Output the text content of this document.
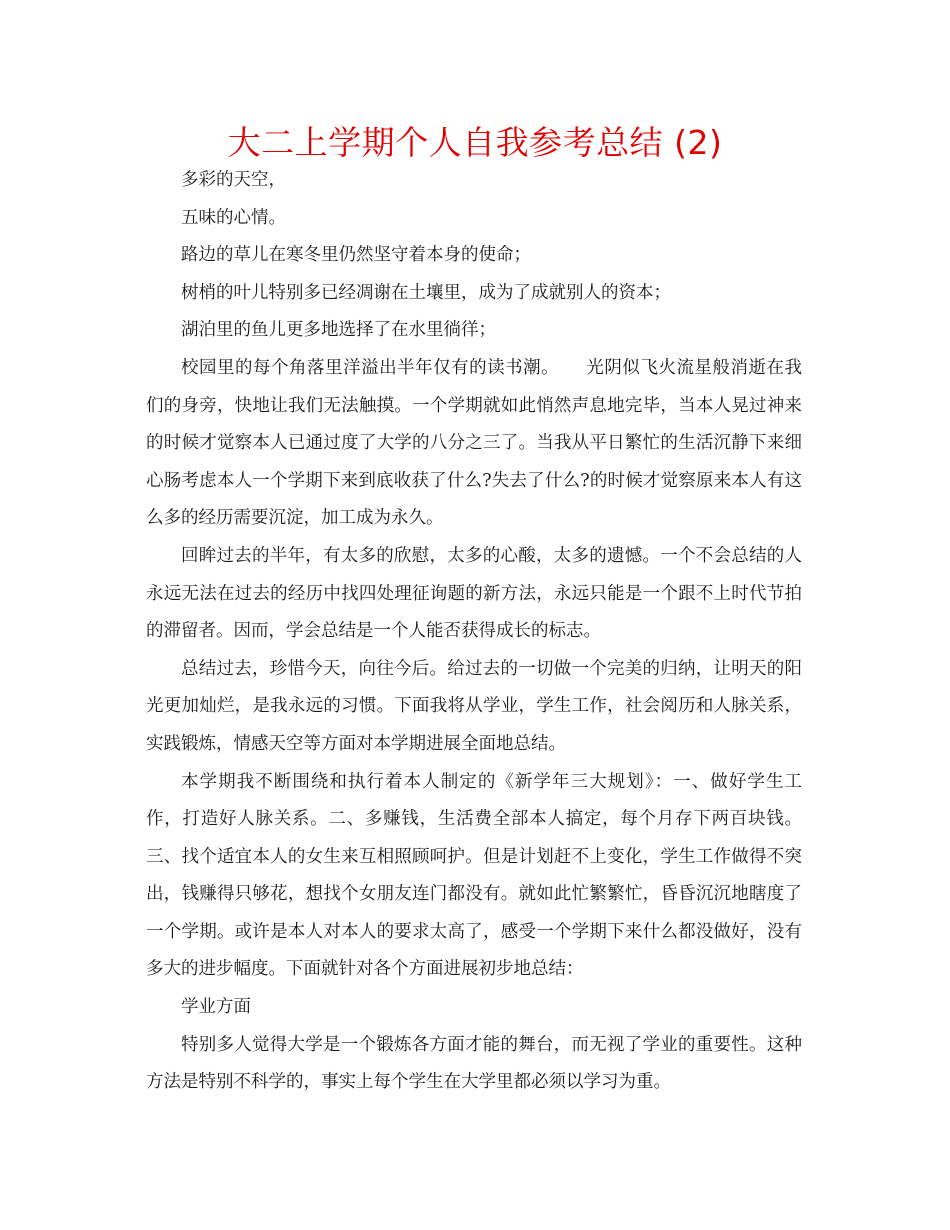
大二上学期个人自我参考总结 (2)

多彩的天空，

五味的心情。

路边的草儿在寒冬里仍然坚守着本身的使命；

树梢的叶儿特别多已经凋谢在土壤里，成为了成就别人的资本；

湖泊里的鱼儿更多地选择了在水里徜徉；

校园里的每个角落里洋溢出半年仅有的读书潮。　　光阴似飞火流星般消逝在我们的身旁，快地让我们无法触摸。一个学期就如此悄然声息地完毕，当本人晃过神来的时候才觉察本人已通过度了大学的八分之三了。当我从平日繁忙的生活沉静下来细心肠考虑本人一个学期下来到底收获了什么?失去了什么?的时候才觉察原来本人有这么多的经历需要沉淀，加工成为永久。

回眸过去的半年，有太多的欣慰，太多的心酸，太多的遗憾。一个不会总结的人永远无法在过去的经历中找四处理征询题的新方法，永远只能是一个跟不上时代节拍的滞留者。因而，学会总结是一个人能否获得成长的标志。

总结过去，珍惜今天，向往今后。给过去的一切做一个完美的归纳，让明天的阳光更加灿烂，是我永远的习惯。下面我将从学业，学生工作，社会阅历和人脉关系，实践锻炼，情感天空等方面对本学期进展全面地总结。

本学期我不断围绕和执行着本人制定的《新学年三大规划》：一、做好学生工作，打造好人脉关系。二、多赚钱，生活费全部本人搞定，每个月存下两百块钱。三、找个适宜本人的女生来互相照顾呵护。但是计划赶不上变化，学生工作做得不突出，钱赚得只够花，想找个女朋友连门都没有。就如此忙繁繁忙，昏昏沉沉地瞎度了一个学期。或许是本人对本人的要求太高了，感受一个学期下来什么都没做好，没有多大的进步幅度。下面就针对各个方面进展初步地总结：

学业方面

特别多人觉得大学是一个锻炼各方面才能的舞台，而无视了学业的重要性。这种方法是特别不科学的，事实上每个学生在大学里都必须以学习为重。
